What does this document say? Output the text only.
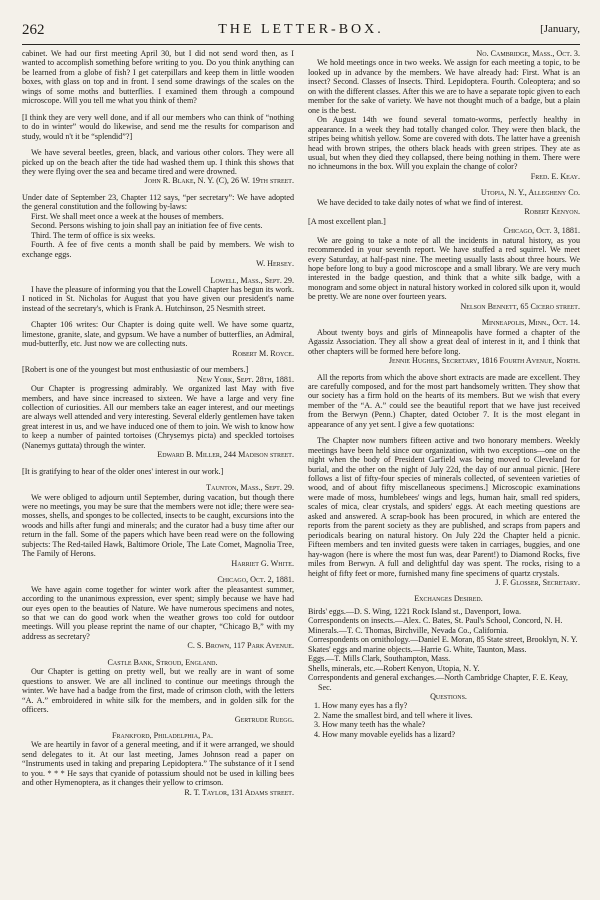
262	THE LETTER-BOX.	[January,

cabinet. We had our first meeting April 30, but I did not send word then, as I wanted to accomplish something before writing to you. Do you think anything can be learned from a globe of fish? I get caterpillars and keep them in little wooden boxes, with glass on top and in front. I send some drawings of the scales on the wings of some moths and butterflies. I examined them through a compound microscope. Will you tell me what you think of them?

[I think they are very well done, and if all our members who can think of “nothing to do in winter” would do likewise, and send me the results for comparison and study, would n't it be “splendid”?]

We have several beetles, green, black, and various other colors. They were all picked up on the beach after the tide had washed them up. I think this shows that they were flying over the sea and became tired and were drowned.

John R. Blake, N. Y. (C), 26 W. 19th street.

Under date of September 23, Chapter 112 says, “per secretary”: We have adopted the general constitution and the following by-laws:

First. We shall meet once a week at the houses of members.

Second. Persons wishing to join shall pay an initiation fee of five cents.

Third. The term of office is six weeks.

Fourth. A fee of five cents a month shall be paid by members. We wish to exchange eggs.

W. Hersey.

Lowell, Mass., Sept. 29.

I have the pleasure of informing you that the Lowell Chapter has begun its work. I noticed in St. Nicholas for August that you have given our president's name instead of the secretary's, which is Frank A. Hutchinson, 25 Nesmith street.

Chapter 106 writes: Our Chapter is doing quite well. We have some quartz, limestone, granite, slate, and gypsum. We have a number of butterflies, an Admiral, mud-butterfly, etc. Just now we are collecting nuts.

Robert M. Royce.

[Robert is one of the youngest but most enthusiastic of our members.]

New York, Sept. 28th, 1881.

Our Chapter is progressing admirably. We organized last May with five members, and have since increased to sixteen. We have a large and very fine collection of curiosities. All our members take an eager interest, and our meetings are always well attended and very interesting. Several elderly gentlemen have taken great interest in us, and we have induced one of them to join. We wish to know how to keep a number of painted tortoises (Chrysemys picta) and speckled tortoises (Nanemys guttata) through the winter.

Edward B. Miller, 244 Madison street.

[It is gratifying to hear of the older ones' interest in our work.]

Taunton, Mass., Sept. 29.

We were obliged to adjourn until September, during vacation, but though there were no meetings, you may be sure that the members were not idle; there were sea-mosses, shells, and sponges to be collected, insects to be caught, excursions into the woods and hills after fungi and minerals; and the curator had a busy time after our return in the fall. Some of the papers which have been read were on the following subjects: The Red-tailed Hawk, Baltimore Oriole, The Late Comet, Magnolia Tree, The Family of Herons.

Harriet G. White.

Chicago, Oct. 2, 1881.

We have again come together for winter work after the pleasantest summer, according to the unanimous expression, ever spent; simply because we have had our eyes open to the beauties of Nature. We have numerous specimens and notes, so that we can do good work when the weather grows too cold for outdoor meetings. Will you please reprint the name of our chapter, “Chicago B,” with my address as secretary?

C. S. Brown, 117 Park Avenue.

Castle Bank, Stroud, England.

Our Chapter is getting on pretty well, but we really are in want of some questions to answer. We are all inclined to continue our meetings through the winter. We have had a badge from the first, made of crimson cloth, with the letters “A. A.” embroidered in white silk for the members, and in golden silk for the officers.

Gertrude Ruegg.

Frankford, Philadelphia, Pa.

We are heartily in favor of a general meeting, and if it were arranged, we should send delegates to it. At our last meeting, James Johnson read a paper on “Instruments used in taking and preparing Lepidoptera.” The substance of it I send to you. * * * He says that cyanide of potassium should not be used in killing bees and other Hymenoptera, as it changes their yellow to crimson.

R. T. Taylor, 131 Adams street.

No. Cambridge, Mass., Oct. 3.

We hold meetings once in two weeks. We assign for each meeting a topic, to be looked up in advance by the members. We have already had: First. What is an insect? Second. Classes of Insects. Third. Lepidoptera. Fourth. Coleoptera; and so on with the different classes. After this we are to have a separate topic given to each member for the sake of variety. We have not thought much of a badge, but a plain one is the best.

On August 14th we found several tomato-worms, perfectly healthy in appearance. In a week they had totally changed color. They were then black, the stripes being whitish yellow. Some are covered with dots. The latter have a greenish head with brown stripes, the others black heads with green stripes. They ate as usual, but when they died they collapsed, there being nothing in them. There were no ichneumons in the box. Will you explain the change of color?

Fred. E. Keay.

Utopia, N. Y., Allegheny Co.

We have decided to take daily notes of what we find of interest.

Robert Kenyon.

[A most excellent plan.]

Chicago, Oct. 3, 1881.

We are going to take a note of all the incidents in natural history, as you recommended in your seventh report. We have stuffed a red squirrel. We meet every Saturday, at half-past nine. The meeting usually lasts about three hours. We hope before long to buy a good microscope and a small library. We are very much interested in the badge question, and think that a white silk badge, with a monogram and some object in natural history worked in colored silk upon it, would be pretty. We are none over fourteen years.

Nelson Bennett, 65 Cicero street.

Minneapolis, Minn., Oct. 14.

About twenty boys and girls of Minneapolis have formed a chapter of the Agassiz Association. They all show a great deal of interest in it, and I think that other chapters will be formed here before long.

Jennie Hughes, Secretary, 1816 Fourth Avenue, North.

All the reports from which the above short extracts are made are excellent. They are carefully composed, and for the most part handsomely written. They show that our society has a firm hold on the hearts of its members. But we wish that every member of the “A. A.” could see the beautiful report that we have just received from the Berwyn (Penn.) Chapter, dated October 7. It is the most elegant in appearance of any yet sent. I give a few quotations:

The Chapter now numbers fifteen active and two honorary members. Weekly meetings have been held since our organization, with two exceptions—one on the night when the body of President Garfield was being moved to Cleveland for burial, and the other on the night of July 22d, the day of our annual picnic. [Here follows a list of fifty-four species of minerals collected, of seventeen varieties of wood, and of about fifty miscellaneous specimens.] Microscopic examinations were made of moss, humblebees' wings and legs, human hair, small red spiders, scales of mica, clear crystals, and spiders' eggs. At each meeting questions are asked and answered. A scrap-book has been procured, in which are entered the reports from the parent society as they are published, and scraps from papers and periodicals bearing on natural history. On July 22d the Chapter held a picnic. Fifteen members and ten invited guests were taken in carriages, buggies, and one hay-wagon (here is where the most fun was, dear Parent!) to Diamond Rocks, five miles from Berwyn. A full and delightful day was spent. The rocks, rising to a height of fifty feet or more, furnished many fine specimens of quartz crystals.

J. F. Glosser, Secretary.

Exchanges Desired.

Birds' eggs.—D. S. Wing, 1221 Rock Island st., Davenport, Iowa.
Correspondents on insects.—Alex. C. Bates, St. Paul's School, Concord, N. H.
Minerals.—T. C. Thomas, Birchville, Nevada Co., California.
Correspondents on ornithology.—Daniel E. Moran, 85 State street, Brooklyn, N. Y.
Skates' eggs and marine objects.—Harrie G. White, Taunton, Mass.
Eggs.—T. Mills Clark, Southampton, Mass.
Shells, minerals, etc.—Robert Kenyon, Utopia, N. Y.
Correspondents and general exchanges.—North Cambridge Chapter, F. E. Keay, Sec.

Questions.

1. How many eyes has a fly?
2. Name the smallest bird, and tell where it lives.
3. How many teeth has the whale?
4. How many movable eyelids has a lizard?
